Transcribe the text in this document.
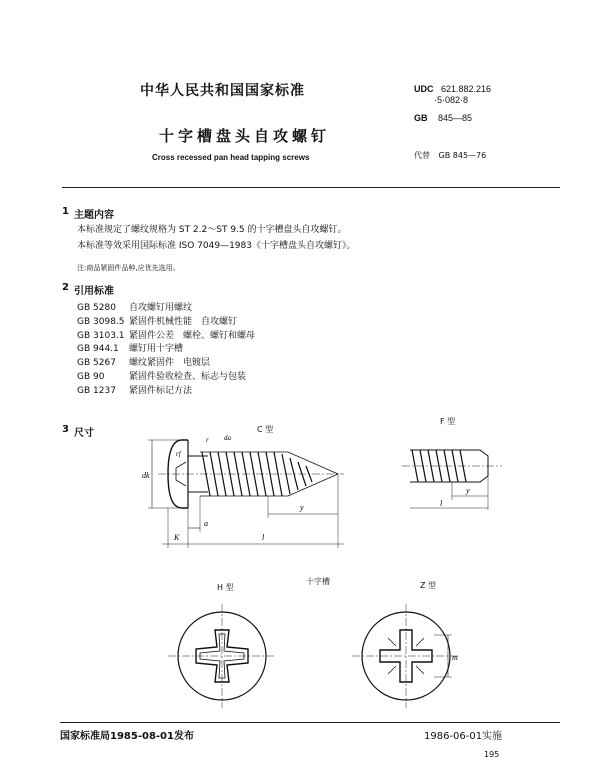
中华人民共和国国家标准	UDC 621.882.216
·5·082·8
GB 845—85
十字槽盘头自攻螺钉
Cross recessed pan head tapping screws	代替 GB 845—76
1 主题内容
本标准规定了螺纹规格为 ST 2.2～ST 9.5 的十字槽盘头自攻螺钉。
本标准等效采用国际标准 ISO 7049—1983《十字槽盘头自攻螺钉》。
注:商品紧固件品种,应优先选用。
2 引用标准
GB 5280 自攻螺钉用螺纹
GB 3098.5 紧固件机械性能　自攻螺钉
GB 3103.1 紧固件公差　螺栓、螺钉和螺母
GB 944.1 螺钉用十字槽
GB 5267 螺纹紧固件　电镀层
GB 90	紧固件验收检查、标志与包装
GB 1237 紧固件标记方法
3 尺寸
dk
rf
r da
y
a
K	l
C 型
F 型
y
l
H 型
十字槽	Z 型
m
国家标准局1985-08-01发布	1986-06-01实施
195
